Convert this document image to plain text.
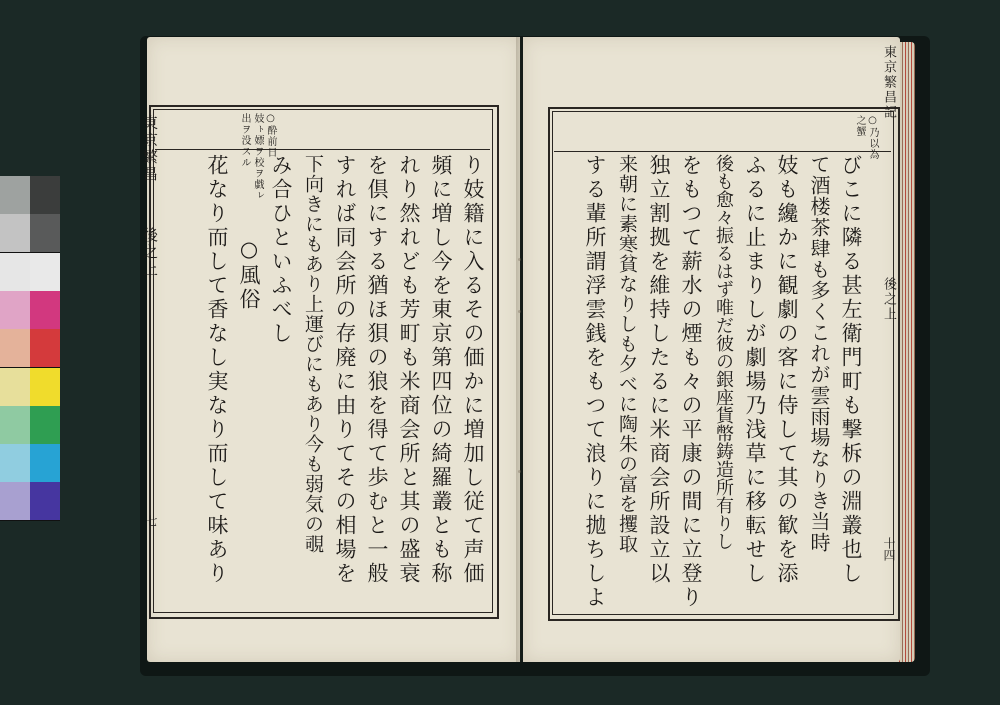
○酔前日
妓ㇳ嫖ヲ校ヲ戯ㇾ
出ヲ没スル
り妓籍に入るその価かに増加し従て声価
頻に増し今を東京第四位の綺羅叢とも称
れり然れども芳町も米商会所と其の盛衰
を倶にする猶ほ狽の狼を得て歩むと一般
すれば同会所の存廃に由りてその相場を
下向きにもあり上運びにもあり今も弱気の覗
み合ひといふべし
○風俗
花なり而して香なし実なり而して味あり
東京繁昌
後之上
七
○乃以為
之蟹
びこに隣る甚左衛門町も撃柝の淵叢也し
て酒楼茶肆も多くこれが雲雨場なりき当時
妓も纔かに観劇の客に侍して其の歓を添
ふるに止まりしが劇場乃浅草に移転せし
後も愈々振るはず唯だ彼の銀座貨幣鋳造所有りし
をもつて薪水の煙も々の平康の間に立登り
独立割拠を維持したるに米商会所設立以
来朝に素寒貧なりしも夕べに陶朱の富を攫取
する輩所謂浮雲銭をもつて浪りに拋ちしよ
東京繁昌記
後之上
十四
